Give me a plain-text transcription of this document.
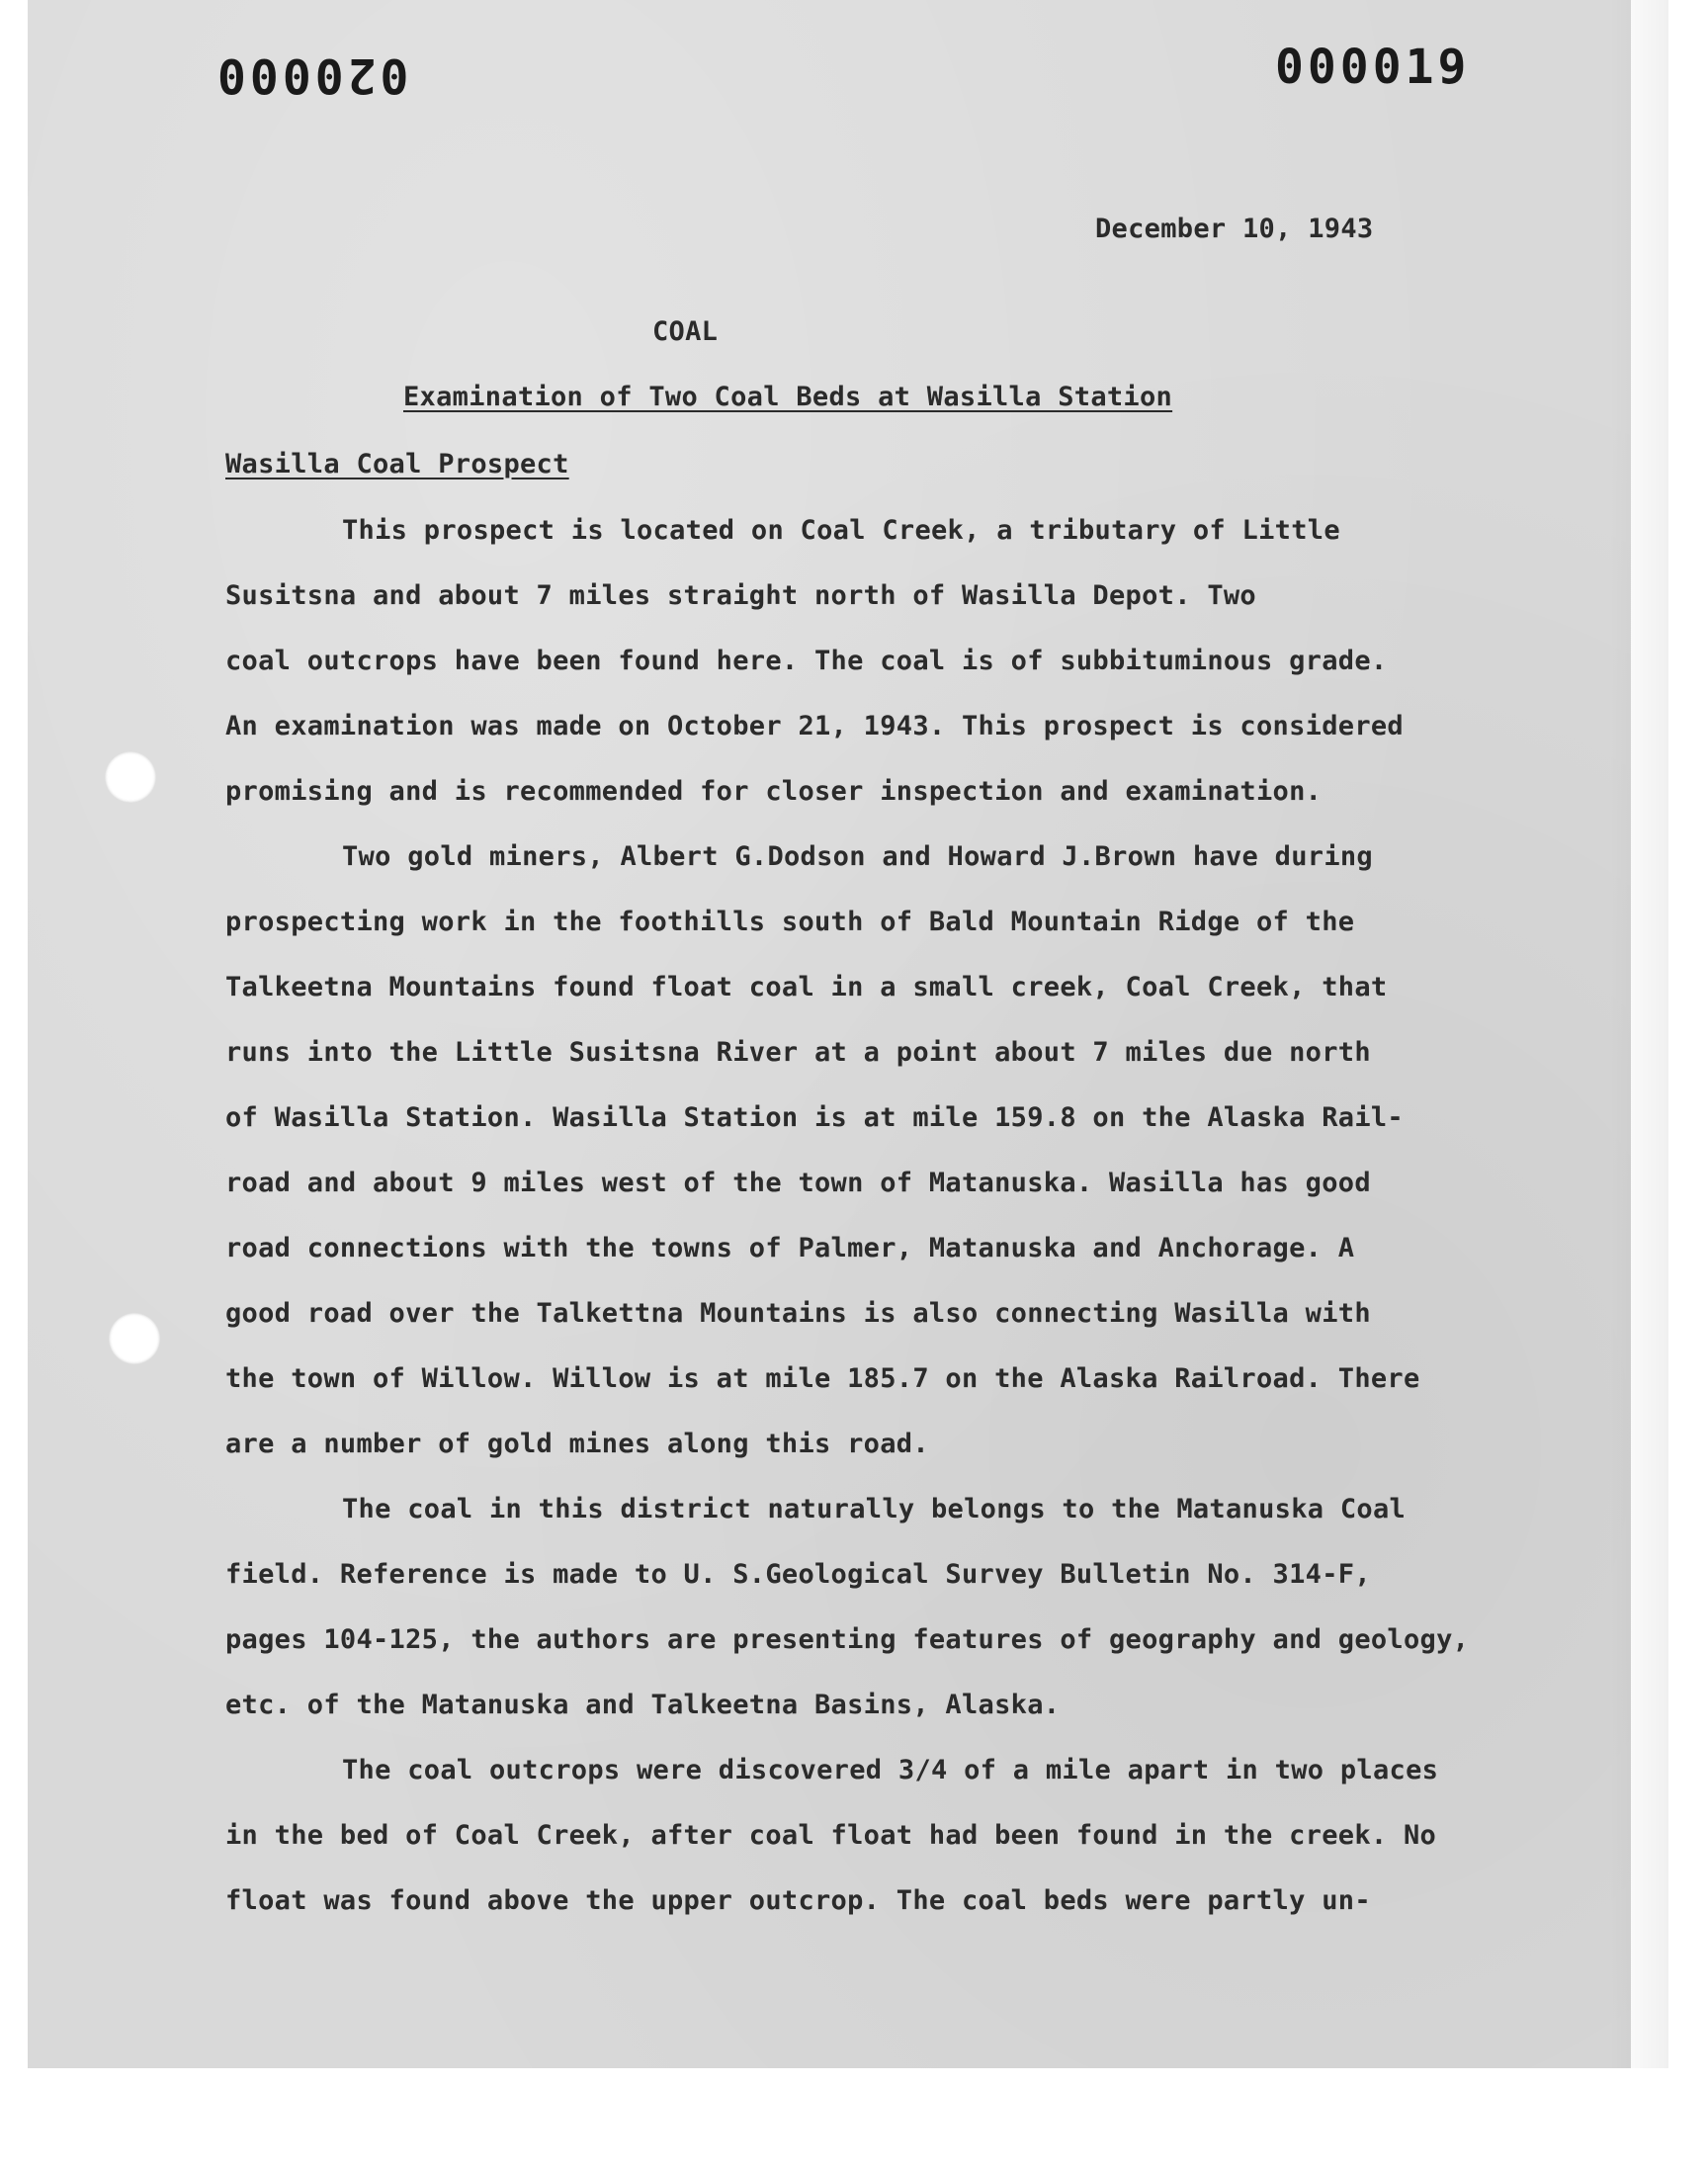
020000	000019
December 10, 1943
COAL
Examination of Two Coal Beds at Wasilla Station
Wasilla Coal Prospect
This prospect is located on Coal Creek, a tributary of Little
Susitsna and about 7 miles straight north of Wasilla Depot. Two
coal outcrops have been found here. The coal is of subbituminous grade.
An examination was made on October 21, 1943. This prospect is considered
promising and is recommended for closer inspection and examination.
Two gold miners, Albert G.Dodson and Howard J.Brown have during
prospecting work in the foothills south of Bald Mountain Ridge of the
Talkeetna Mountains found float coal in a small creek, Coal Creek, that
runs into the Little Susitsna River at a point about 7 miles due north
of Wasilla Station. Wasilla Station is at mile 159.8 on the Alaska Rail-
road and about 9 miles west of the town of Matanuska. Wasilla has good
road connections with the towns of Palmer, Matanuska and Anchorage. A
good road over the Talkettna Mountains is also connecting Wasilla with
the town of Willow. Willow is at mile 185.7 on the Alaska Railroad. There
are a number of gold mines along this road.
The coal in this district naturally belongs to the Matanuska Coal
field. Reference is made to U. S.Geological Survey Bulletin No. 314-F,
pages 104-125, the authors are presenting features of geography and geology,
etc. of the Matanuska and Talkeetna Basins, Alaska.
The coal outcrops were discovered 3/4 of a mile apart in two places
in the bed of Coal Creek, after coal float had been found in the creek. No
float was found above the upper outcrop. The coal beds were partly un-
